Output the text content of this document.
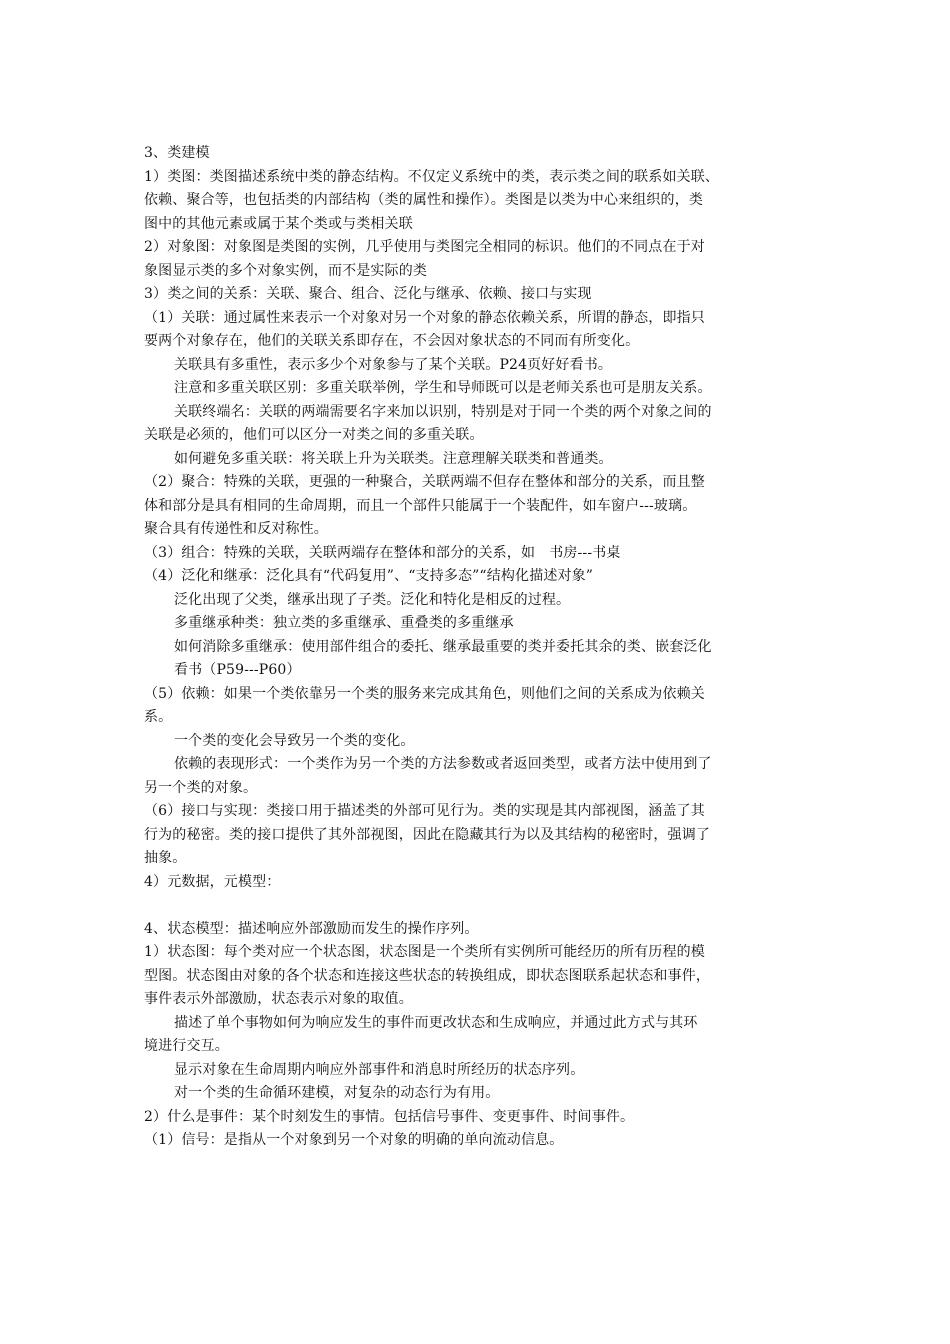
3、类建模
1）类图：类图描述系统中类的静态结构。不仅定义系统中的类，表示类之间的联系如关联、
依赖、聚合等，也包括类的内部结构（类的属性和操作）。类图是以类为中心来组织的，类
图中的其他元素或属于某个类或与类相关联
2）对象图：对象图是类图的实例，几乎使用与类图完全相同的标识。他们的不同点在于对
象图显示类的多个对象实例，而不是实际的类
3）类之间的关系：关联、聚合、组合、泛化与继承、依赖、接口与实现
（1）关联：通过属性来表示一个对象对另一个对象的静态依赖关系，所谓的静态，即指只
要两个对象存在，他们的关联关系即存在，不会因对象状态的不同而有所变化。
关联具有多重性，表示多少个对象参与了某个关联。P24页好好看书。
注意和多重关联区别：多重关联举例，学生和导师既可以是老师关系也可是朋友关系。
关联终端名：关联的两端需要名字来加以识别，特别是对于同一个类的两个对象之间的
关联是必须的，他们可以区分一对类之间的多重关联。
如何避免多重关联：将关联上升为关联类。注意理解关联类和普通类。
（2）聚合：特殊的关联，更强的一种聚合，关联两端不但存在整体和部分的关系，而且整
体和部分是具有相同的生命周期，而且一个部件只能属于一个装配件，如车窗户---玻璃。
聚合具有传递性和反对称性。
（3）组合：特殊的关联，关联两端存在整体和部分的关系，如　书房---书桌
（4）泛化和继承：泛化具有“代码复用”、“支持多态”“结构化描述对象”
泛化出现了父类，继承出现了子类。泛化和特化是相反的过程。
多重继承种类：独立类的多重继承、重叠类的多重继承
如何消除多重继承：使用部件组合的委托、继承最重要的类并委托其余的类、嵌套泛化
看书（P59---P60）
（5）依赖：如果一个类依靠另一个类的服务来完成其角色，则他们之间的关系成为依赖关
系。
一个类的变化会导致另一个类的变化。
依赖的表现形式：一个类作为另一个类的方法参数或者返回类型，或者方法中使用到了
另一个类的对象。
（6）接口与实现：类接口用于描述类的外部可见行为。类的实现是其内部视图，涵盖了其
行为的秘密。类的接口提供了其外部视图，因此在隐藏其行为以及其结构的秘密时，强调了
抽象。
4）元数据，元模型：
4、状态模型：描述响应外部激励而发生的操作序列。
1）状态图：每个类对应一个状态图，状态图是一个类所有实例所可能经历的所有历程的模
型图。状态图由对象的各个状态和连接这些状态的转换组成，即状态图联系起状态和事件，
事件表示外部激励，状态表示对象的取值。
描述了单个事物如何为响应发生的事件而更改状态和生成响应，并通过此方式与其环
境进行交互。
显示对象在生命周期内响应外部事件和消息时所经历的状态序列。
对一个类的生命循环建模，对复杂的动态行为有用。
2）什么是事件：某个时刻发生的事情。包括信号事件、变更事件、时间事件。
（1）信号：是指从一个对象到另一个对象的明确的单向流动信息。
